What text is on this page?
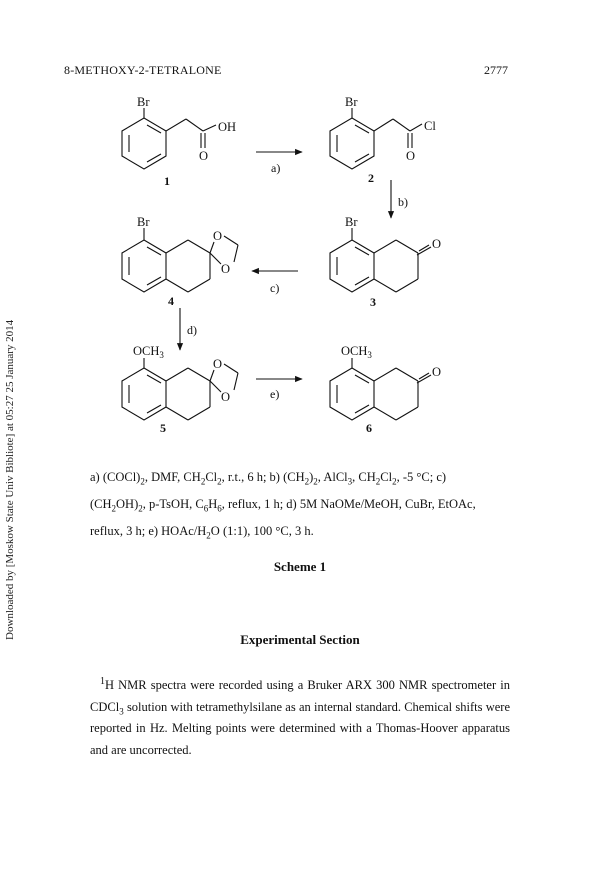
8-METHOXY-2-TETRALONE	2777
Downloaded by [Moskow State Univ Bibliote] at 05:27 25 January 2014
Br
OH
O
1
Br
Cl
O
2
Br
O
3
Br
O
O
4
$OCH_3$
O
O
5
$OCH_3$
O
6
a)
b)
c)
d)
e)
a) $(COCl)_2$, DMF, $CH_2Cl_2$, r.t., 6 h; b) $(CH_2)_2$, AlCl$_3$, $CH_2Cl_2$, -5 °C; c)
$(CH_2OH)_2$, p-TsOH, $C_6H_6$, reflux, 1 h; d) 5M NaOMe/MeOH, CuBr, EtOAc,
reflux, 3 h; e) HOAc/$H_2O$ (1:1), 100 °C, 3 h.
Scheme 1
Experimental Section
$^1$H NMR spectra were recorded using a Bruker ARX 300 NMR spectrometer in CDCl$_3$ solution with tetramethylsilane as an internal standard. Chemical shifts were reported in Hz. Melting points were determined with a Thomas-Hoover apparatus and are uncorrected.
